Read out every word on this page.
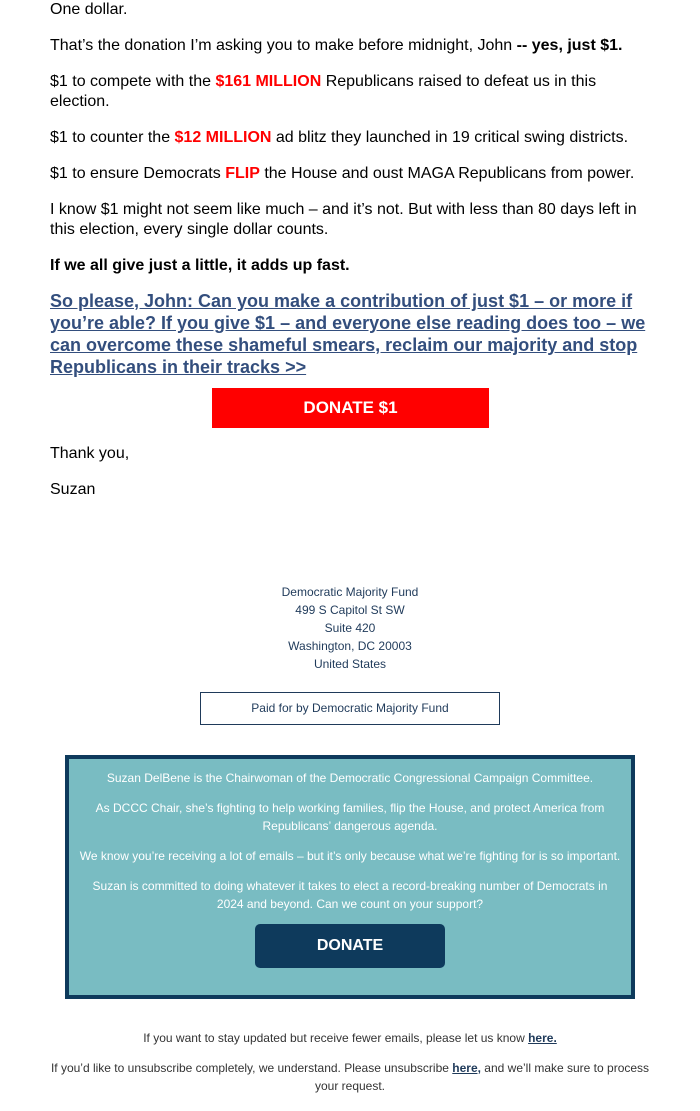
One dollar.

That’s the donation I’m asking you to make before midnight, John -- yes, just $1.

$1 to compete with the $161 MILLION Republicans raised to defeat us in this election.

$1 to counter the $12 MILLION ad blitz they launched in 19 critical swing districts.

$1 to ensure Democrats FLIP the House and oust MAGA Republicans from power.

I know $1 might not seem like much – and it’s not. But with less than 80 days left in this election, every single dollar counts.

If we all give just a little, it adds up fast.

So please, John: Can you make a contribution of just $1 – or more if you’re able? If you give $1 – and everyone else reading does too – we can overcome these shameful smears, reclaim our majority and stop Republicans in their tracks >>

Thank you,

Suzan

DONATE $1
Democratic Majority Fund
499 S Capitol St SW
Suite 420
Washington, DC 20003
United States
Paid for by Democratic Majority Fund

Suzan DelBene is the Chairwoman of the Democratic Congressional Campaign Committee.

As DCCC Chair, she’s fighting to help working families, flip the House, and protect America from Republicans’ dangerous agenda.

We know you’re receiving a lot of emails – but it’s only because what we’re fighting for is so important.

Suzan is committed to doing whatever it takes to elect a record-breaking number of Democrats in 2024 and beyond. Can we count on your support?

DONATE
If you want to stay updated but receive fewer emails, please let us know here.
If you’d like to unsubscribe completely, we understand. Please unsubscribe here, and we’ll make sure to process your request.
